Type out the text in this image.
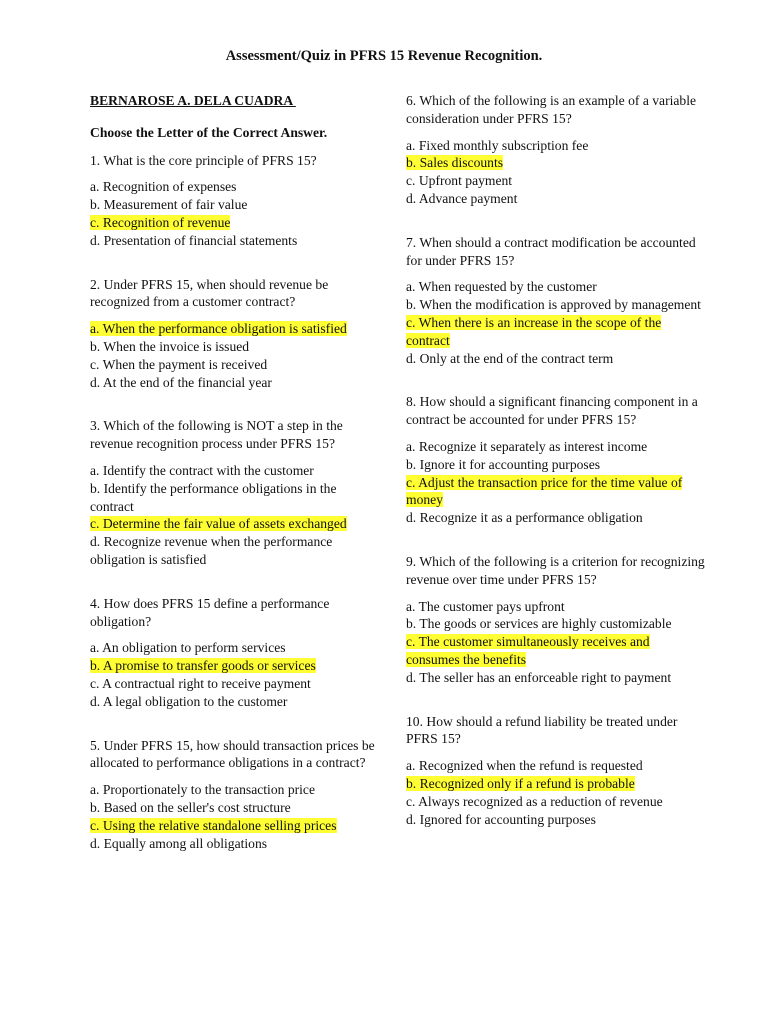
Assessment/Quiz in PFRS 15 Revenue Recognition.
BERNAROSE A. DELA CUADRA
Choose the Letter of the Correct Answer.

1. What is the core principle of PFRS 15?

a. Recognition of expenses

b. Measurement of fair value

c. Recognition of revenue

d. Presentation of financial statements

2. Under PFRS 15, when should revenue be recognized from a customer contract?

a. When the performance obligation is satisfied

b. When the invoice is issued

c. When the payment is received

d. At the end of the financial year

3. Which of the following is NOT a step in the revenue recognition process under PFRS 15?

a. Identify the contract with the customer

b. Identify the performance obligations in the contract

c. Determine the fair value of assets exchanged

d. Recognize revenue when the performance obligation is satisfied

4. How does PFRS 15 define a performance obligation?

a. An obligation to perform services

b. A promise to transfer goods or services

c. A contractual right to receive payment

d. A legal obligation to the customer

5. Under PFRS 15, how should transaction prices be allocated to performance obligations in a contract?

a. Proportionately to the transaction price

b. Based on the seller's cost structure

c. Using the relative standalone selling prices

d. Equally among all obligations

6. Which of the following is an example of a variable consideration under PFRS 15?

a. Fixed monthly subscription fee

b. Sales discounts

c. Upfront payment

d. Advance payment

7. When should a contract modification be accounted for under PFRS 15?

a. When requested by the customer

b. When the modification is approved by management

c. When there is an increase in the scope of the contract

d. Only at the end of the contract term

8. How should a significant financing component in a contract be accounted for under PFRS 15?

a. Recognize it separately as interest income

b. Ignore it for accounting purposes

c. Adjust the transaction price for the time value of money

d. Recognize it as a performance obligation

9. Which of the following is a criterion for recognizing revenue over time under PFRS 15?

a. The customer pays upfront

b. The goods or services are highly customizable

c. The customer simultaneously receives and consumes the benefits

d. The seller has an enforceable right to payment

10. How should a refund liability be treated under PFRS 15?

a. Recognized when the refund is requested

b. Recognized only if a refund is probable

c. Always recognized as a reduction of revenue

d. Ignored for accounting purposes
